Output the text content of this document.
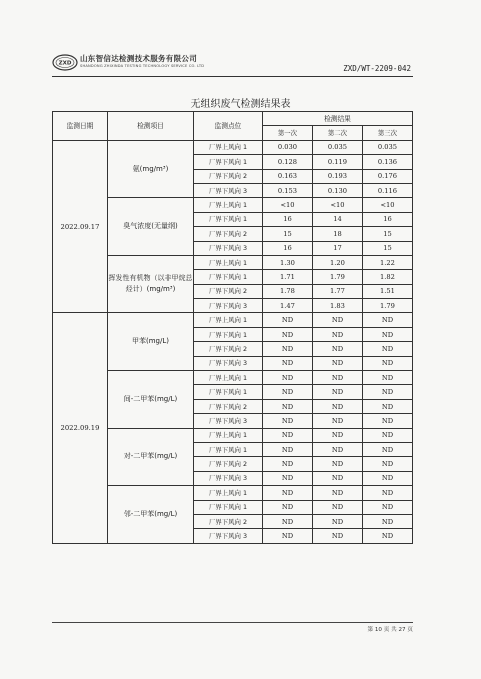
ZXD
山东智信达检测技术服务有限公司
SHANDONG ZHIXINDA TESTING TECHNOLOGY SERVICE CO. LTD	ZXD/WT-2209-042
无组织废气检测结果表
监测日期	检测项目	监测点位	检测结果		
			第一次	第二次	第三次
2022.09.17	氨(mg/m³)	厂界上风向 1	0.030	0.035	0.035
		厂界下风向 1	0.128	0.119	0.136
		厂界下风向 2	0.163	0.193	0.176
		厂界下风向 3	0.153	0.130	0.116
	臭气浓度(无量纲)	厂界上风向 1	<10	<10	<10
		厂界下风向 1	16	14	16
		厂界下风向 2	15	18	15
		厂界下风向 3	16	17	15
	挥发性有机物（以非甲烷总烃计）(mg/m³)	厂界上风向 1	1.30	1.20	1.22
		厂界下风向 1	1.71	1.79	1.82
		厂界下风向 2	1.78	1.77	1.51
		厂界下风向 3	1.47	1.83	1.79
2022.09.19	甲苯(mg/L)	厂界上风向 1	ND	ND	ND
		厂界下风向 1	ND	ND	ND
		厂界下风向 2	ND	ND	ND
		厂界下风向 3	ND	ND	ND
	间-二甲苯(mg/L)	厂界上风向 1	ND	ND	ND
		厂界下风向 1	ND	ND	ND
		厂界下风向 2	ND	ND	ND
		厂界下风向 3	ND	ND	ND
	对-二甲苯(mg/L)	厂界上风向 1	ND	ND	ND
		厂界下风向 1	ND	ND	ND
		厂界下风向 2	ND	ND	ND
		厂界下风向 3	ND	ND	ND
	邻-二甲苯(mg/L)	厂界上风向 1	ND	ND	ND
		厂界下风向 1	ND	ND	ND
		厂界下风向 2	ND	ND	ND
		厂界下风向 3	ND	ND	ND
第 10 页 共 27 页
